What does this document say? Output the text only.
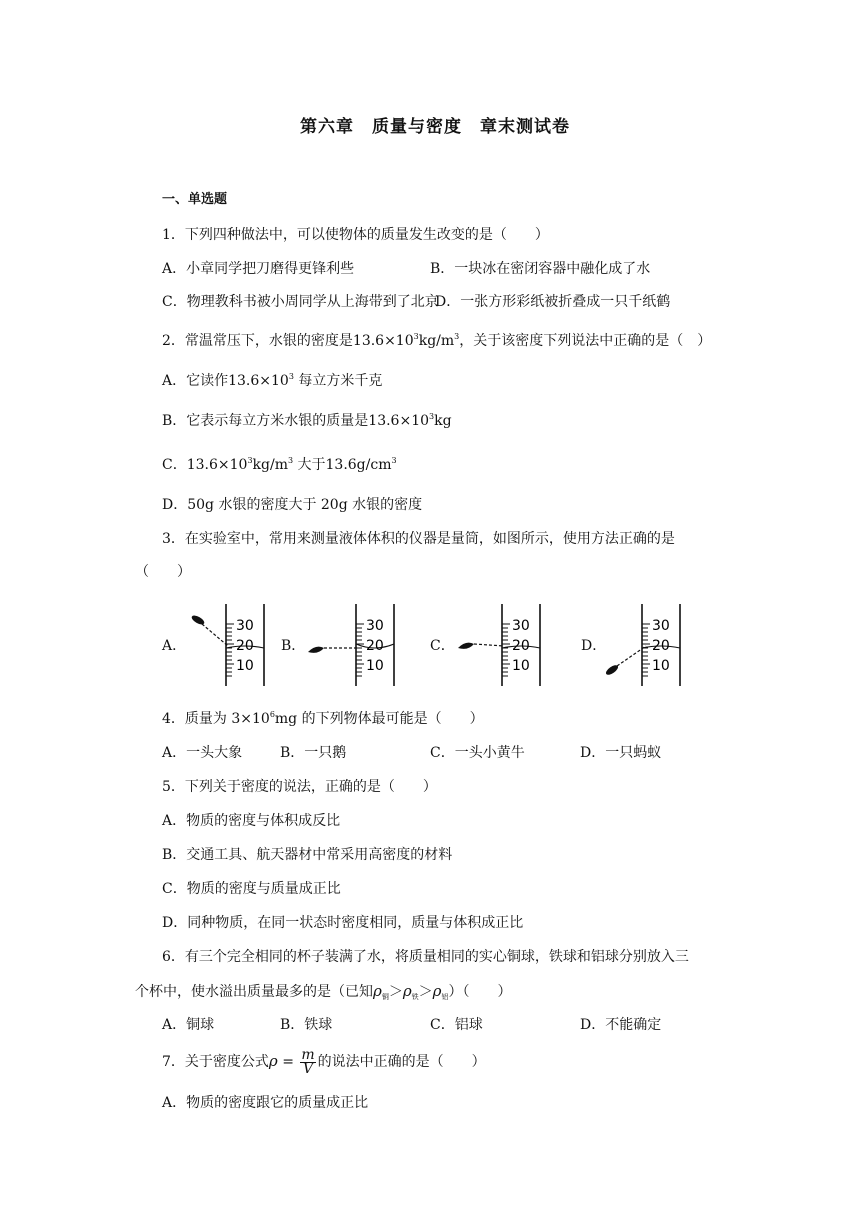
第六章　质量与密度　章末测试卷
一、单选题
1．下列四种做法中，可以使物体的质量发生改变的是（　　）
A．小章同学把刀磨得更锋利些	B．一块冰在密闭容器中融化成了水
C．物理教科书被小周同学从上海带到了北京
D．一张方形彩纸被折叠成一只千纸鹤
2．常温常压下，水银的密度是$13.6\times 10^3kg/m^3$，关于该密度下列说法中正确的是（　）
A．它读作$13.6\times 10^3$ 每立方米千克
B．它表示每立方米水银的质量是$13.6\times 10^3kg$
C．$13.6\times 10^3kg/m^3$ 大于$13.6g/cm^3$
D．50g 水银的密度大于 20g 水银的密度
3．在实验室中，常用来测量液体体积的仪器是量筒，如图所示，使用方法正确的是
（　　）
A．	B．	C．	D．
30
20
10
30
20
10
30
20
10
30
20
10
4．质量为 $3\times 10^6mg$ 的下列物体最可能是（　　）
A．一头大象	B．一只鹅	C．一头小黄牛	D．一只蚂蚁
5．下列关于密度的说法，正确的是（　　）
A．物质的密度与体积成反比
B．交通工具、航天器材中常采用高密度的材料
C．物质的密度与质量成正比
D．同种物质，在同一状态时密度相同，质量与体积成正比
6．有三个完全相同的杯子装满了水，将质量相同的实心铜球，铁球和铝球分别放入三
个杯中，使水溢出质量最多的是（已知$\rho_铜>\rho_铁>\rho_铝$）（　　）
A．铜球	B．铁球	C．铝球	D．不能确定
7．关于密度公式$\rho = \frac{m}{V}$ 的说法中正确的是（　　）
A．物质的密度跟它的质量成正比
